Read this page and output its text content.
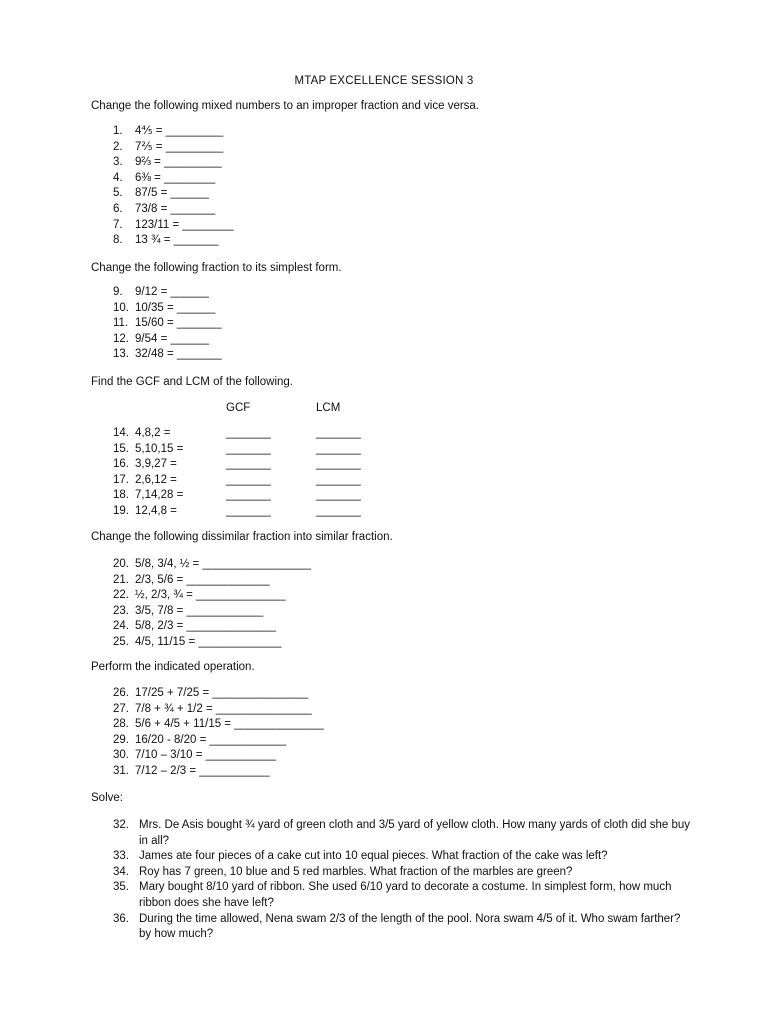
MTAP EXCELLENCE SESSION 3
Change the following mixed numbers to an improper fraction and vice versa.
1. 4⅘ = _________
2. 7⅖ = _________
3. 9⅔ = _________
4. 6⅜ = ________
5. 87/5 = ______
6. 73/8 = _______
7. 123/11 = ________
8. 13 ¾ = _______
Change the following fraction to its simplest form.
9. 9/12 = ______
10. 10/35 = ______
11. 15/60 = _______
12. 9/54 = ______
13. 32/48 = _______
Find the GCF and LCM of the following.
GCF	LCM
14. 4,8,2 =
15. 5,10,15 =
16. 3,9,27 =
17. 2,6,12 =
18. 7,14,28 =
19. 12,4,8 =
_______
_______
_______
_______
_______
_______
_______
_______
_______
_______
_______
_______
Change the following dissimilar fraction into similar fraction.
20. 5/8, 3/4, ½ = _________________
21. 2/3, 5/6 = _____________
22. ½, 2/3, ¾ = ______________
23. 3/5, 7/8 = ____________
24. 5/8, 2/3 = ______________
25. 4/5, 11/15 = _____________
Perform the indicated operation.
26. 17/25 + 7/25 = _______________
27. 7/8 + ¾ + 1/2 = _______________
28. 5/6 + 4/5 + 11/15 = ______________
29. 16/20 - 8/20 = ____________
30. 7/10 – 3/10 = ___________
31. 7/12 – 2/3 = ___________
Solve:
32. Mrs. De Asis bought ¾ yard of green cloth and 3/5 yard of yellow cloth. How many yards of cloth did she buy in all?
33. James ate four pieces of a cake cut into 10 equal pieces. What fraction of the cake was left?
34. Roy has 7 green, 10 blue and 5 red marbles. What fraction of the marbles are green?
35. Mary bought 8/10 yard of ribbon. She used 6/10 yard to decorate a costume. In simplest form, how much ribbon does she have left?
36. During the time allowed, Nena swam 2/3 of the length of the pool. Nora swam 4/5 of it. Who swam farther? by how much?
